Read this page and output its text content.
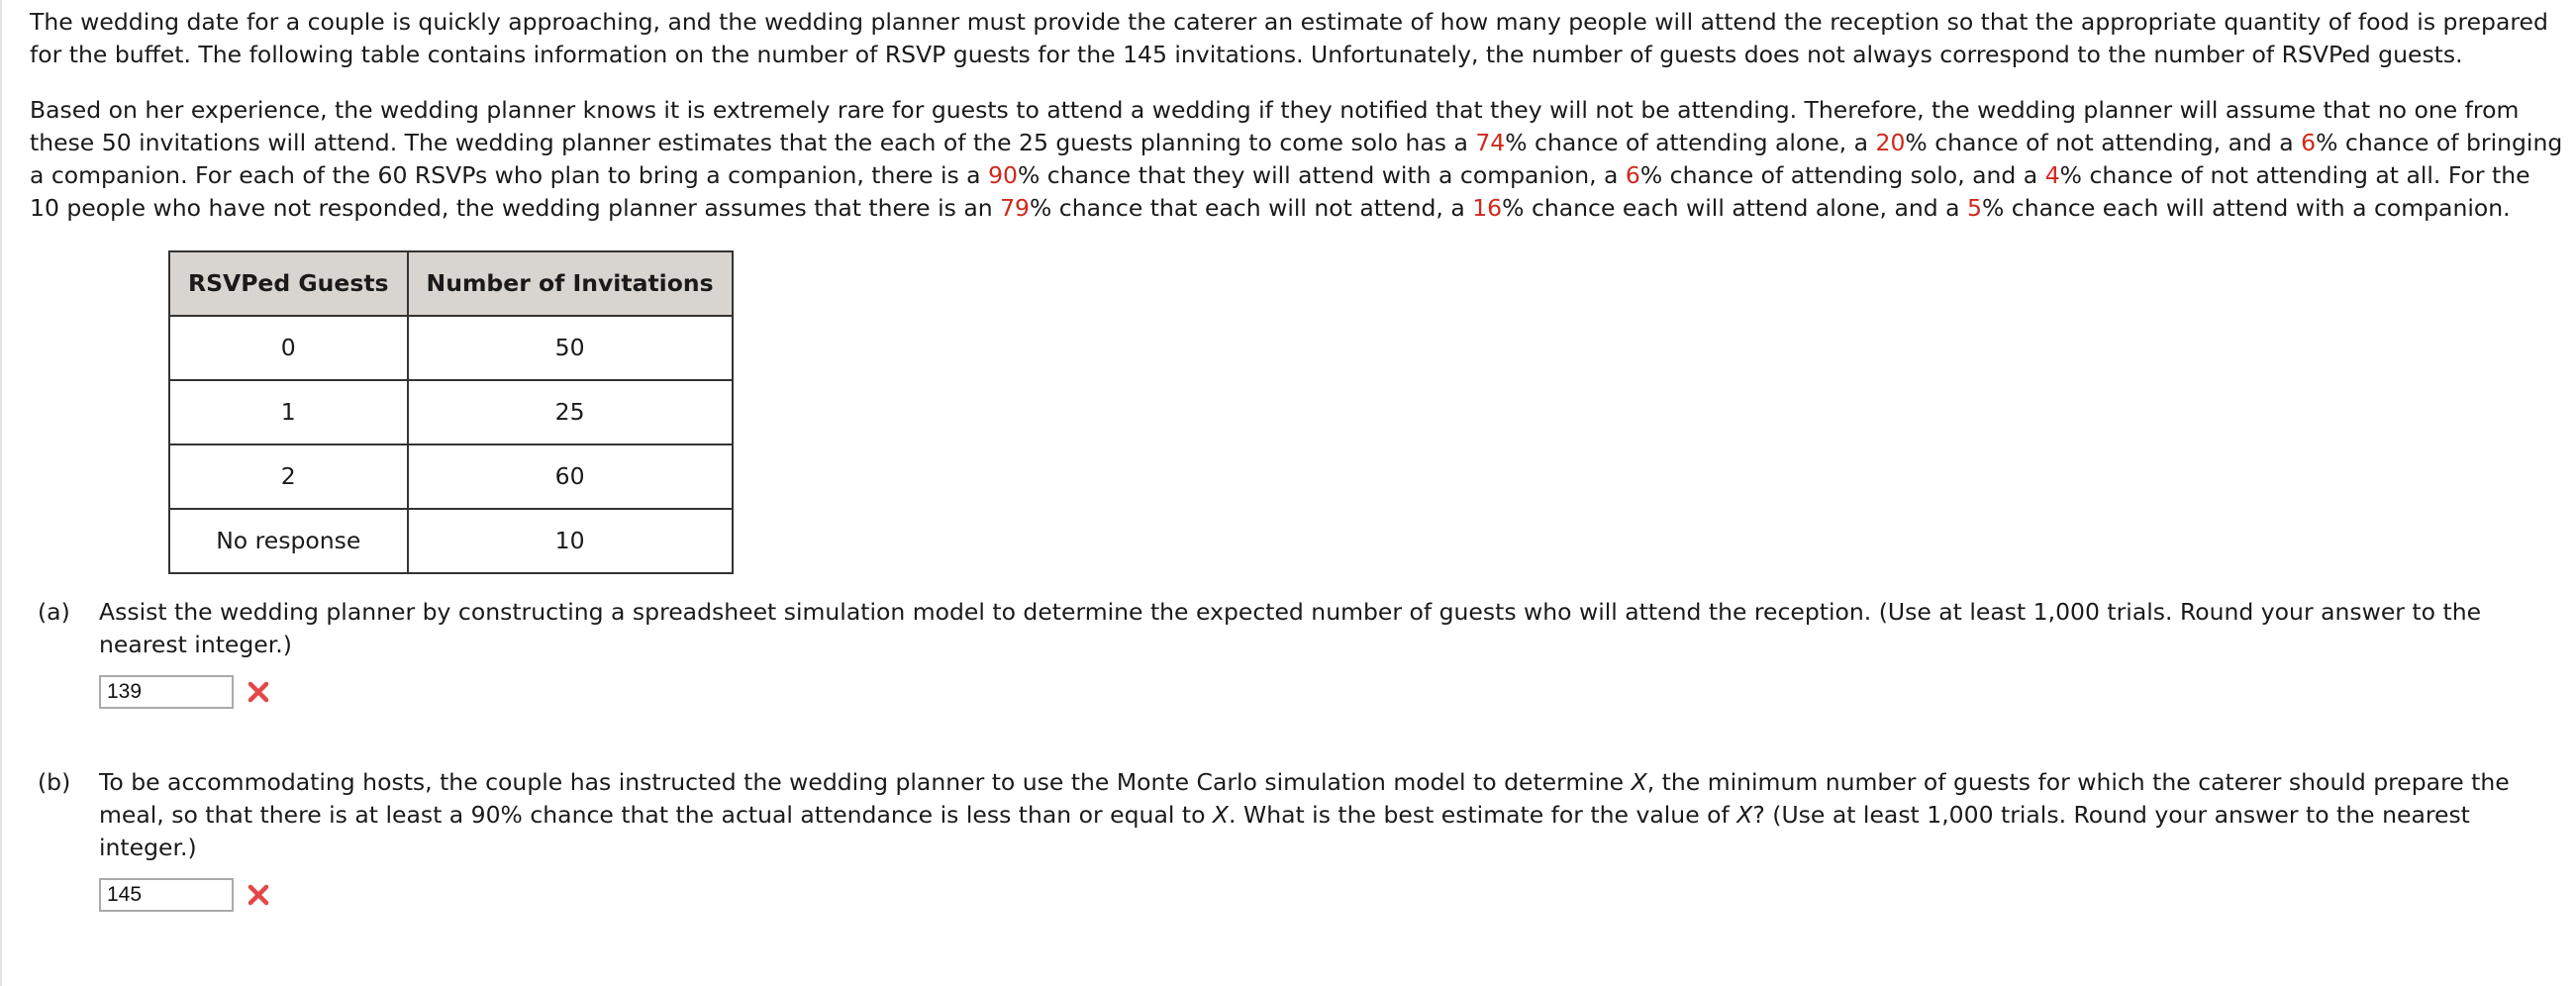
The wedding date for a couple is quickly approaching, and the wedding planner must provide the caterer an estimate of how many people will attend the reception so that the appropriate quantity of food is prepared for the buffet. The following table contains information on the number of RSVP guests for the 145 invitations. Unfortunately, the number of guests does not always correspond to the number of RSVPed guests.

Based on her experience, the wedding planner knows it is extremely rare for guests to attend a wedding if they notified that they will not be attending. Therefore, the wedding planner will assume that no one from these 50 invitations will attend. The wedding planner estimates that the each of the 25 guests planning to come solo has a 74% chance of attending alone, a 20% chance of not attending, and a 6% chance of bringing a companion. For each of the 60 RSVPs who plan to bring a companion, there is a 90% chance that they will attend with a companion, a 6% chance of attending solo, and a 4% chance of not attending at all. For the 10 people who have not responded, the wedding planner assumes that there is an 79% chance that each will not attend, a 16% chance each will attend alone, and a 5% chance each will attend with a companion.

RSVPed Guests	Number of Invitations
0	50
1	25
2	60
No response	10
(a) Assist the wedding planner by constructing a spreadsheet simulation model to determine the expected number of guests who will attend the reception. (Use at least 1,000 trials. Round your answer to the nearest integer.)

139
(b) To be accommodating hosts, the couple has instructed the wedding planner to use the Monte Carlo simulation model to determine X, the minimum number of guests for which the caterer should prepare the meal, so that there is at least a 90% chance that the actual attendance is less than or equal to X. What is the best estimate for the value of X? (Use at least 1,000 trials. Round your answer to the nearest integer.)

145
